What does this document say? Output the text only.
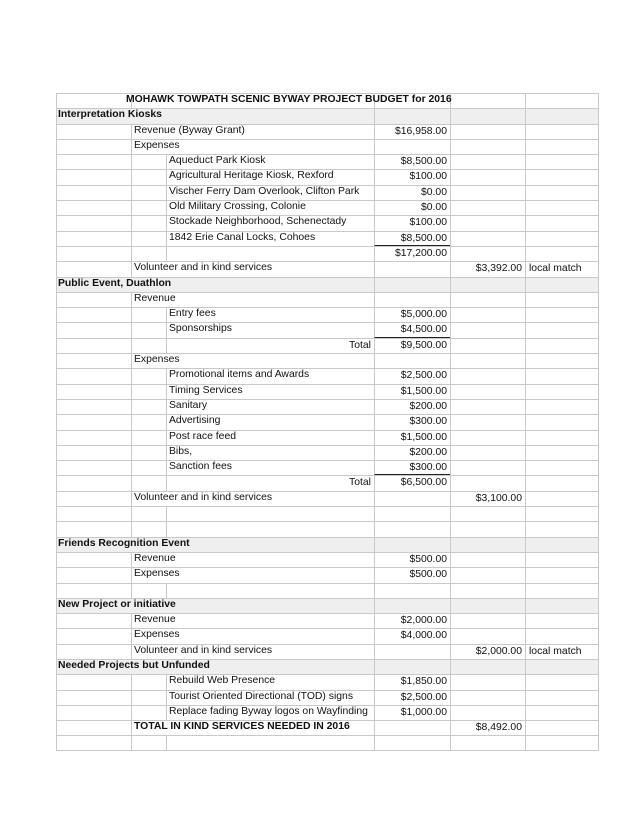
MOHAWK TOWPATH SCENIC BYWAY PROJECT BUDGET for 2016
Interpretation Kiosks
$16,958.00
Revenue (Byway Grant)
Expenses
$8,500.00
Aqueduct Park Kiosk
$100.00
Agricultural Heritage Kiosk, Rexford
$0.00
Vischer Ferry Dam Overlook, Clifton Park
$0.00
Old Military Crossing, Colonie
$100.00
Stockade Neighborhood, Schenectady
$8,500.00
1842 Erie Canal Locks, Cohoes
$17,200.00
$3,392.00 local match
Volunteer and in kind services
Public Event, Duathlon
Revenue
$5,000.00
Entry fees
$4,500.00
Sponsorships
Total	$9,500.00
Expenses
$2,500.00
Promotional items and Awards
$1,500.00
Timing Services
$200.00
Sanitary
$300.00
Advertising
$1,500.00
Post race feed
$200.00
Bibs,
$300.00
Sanction fees
Total	$6,500.00
$3,100.00
Volunteer and in kind services
Friends Recognition Event
$500.00
Revenue
$500.00
Expenses
New Project or initiative
$2,000.00
Revenue
$4,000.00
Expenses
$2,000.00 local match
Volunteer and in kind services
Needed Projects but Unfunded
$1,850.00
Rebuild Web Presence
$2,500.00
Tourist Oriented Directional (TOD) signs
$1,000.00
Replace fading Byway logos on Wayfinding
$8,492.00
TOTAL IN KIND SERVICES NEEDED IN 2016
